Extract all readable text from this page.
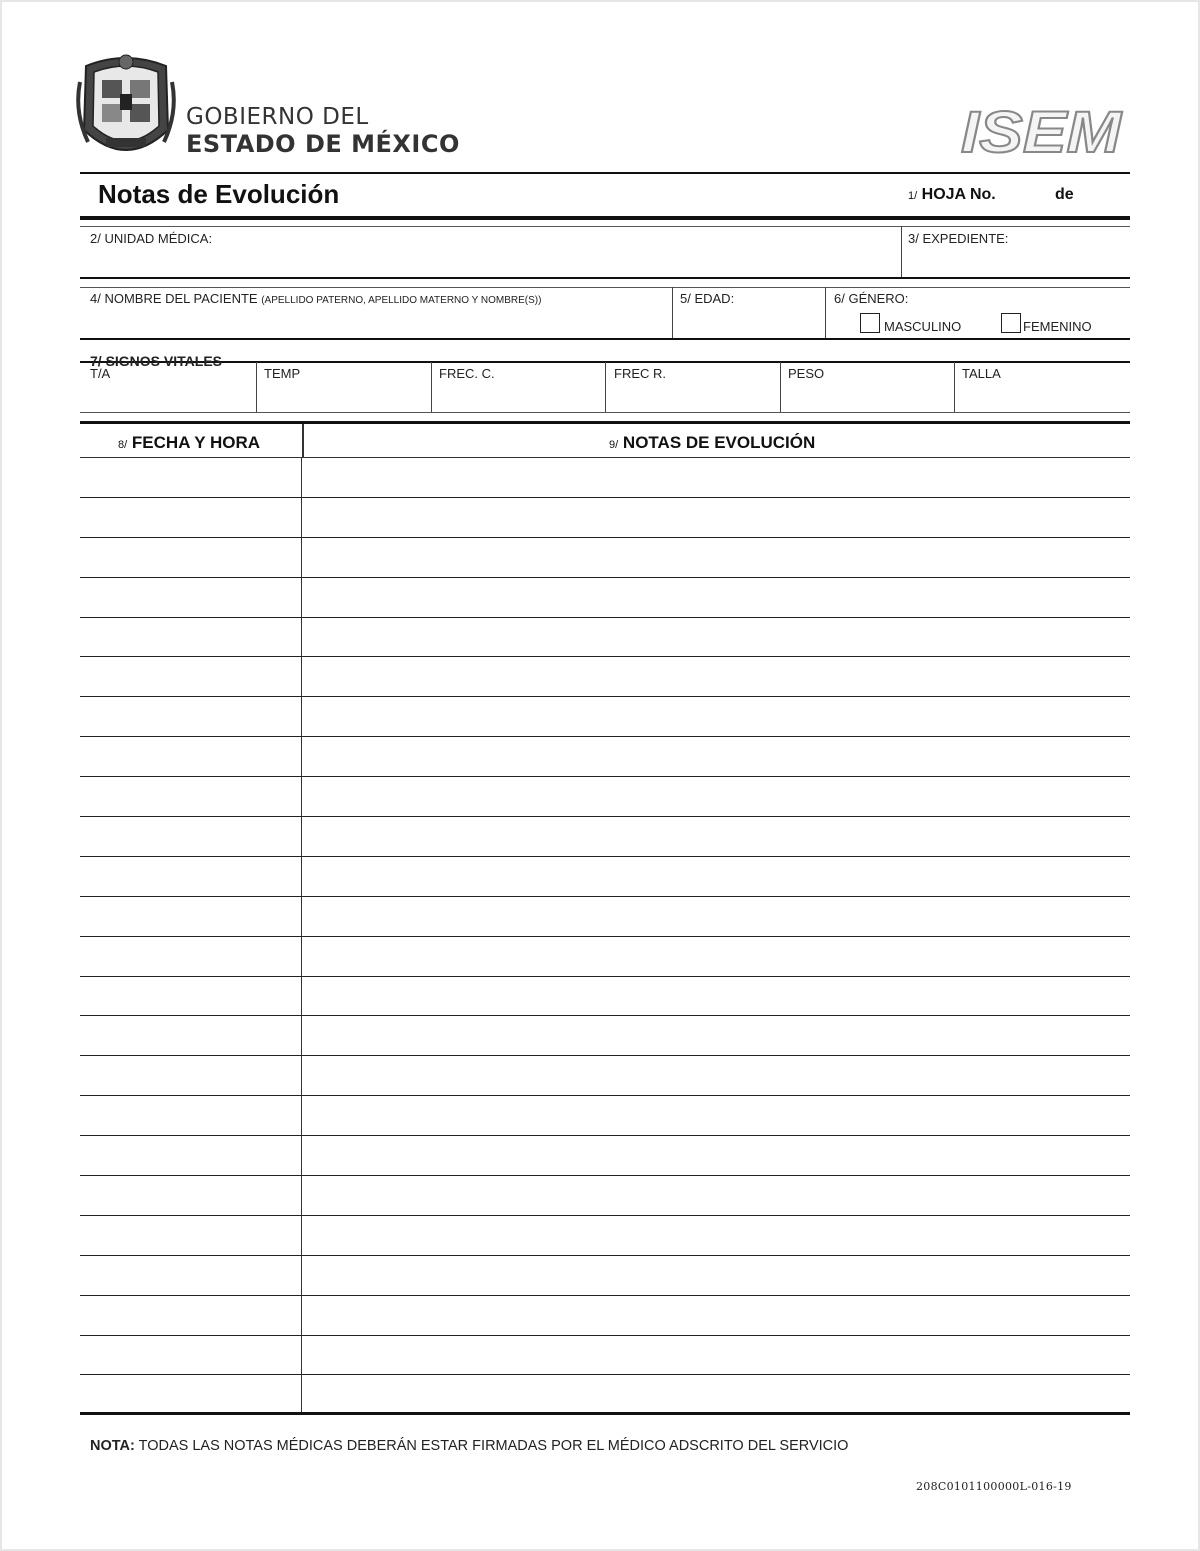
GOBIERNO DEL
ESTADO DE MÉXICO	ISEM
Notas de Evolución	1/ HOJA No.	de
2/ UNIDAD MÉDICA:	3/ EXPEDIENTE:
4/ NOMBRE DEL PACIENTE (APELLIDO PATERNO, APELLIDO MATERNO Y NOMBRE(S))	5/ EDAD:	6/ GÉNERO:
MASCULINO	FEMENINO
7/ SIGNOS VITALES
T/A	TEMP	FREC. C.	FREC R.	PESO	TALLA
8/ FECHA Y HORA	9/ NOTAS DE EVOLUCIÓN
NOTA: TODAS LAS NOTAS MÉDICAS DEBERÁN ESTAR FIRMADAS POR EL MÉDICO ADSCRITO DEL SERVICIO
208C0101100000L-016-19
